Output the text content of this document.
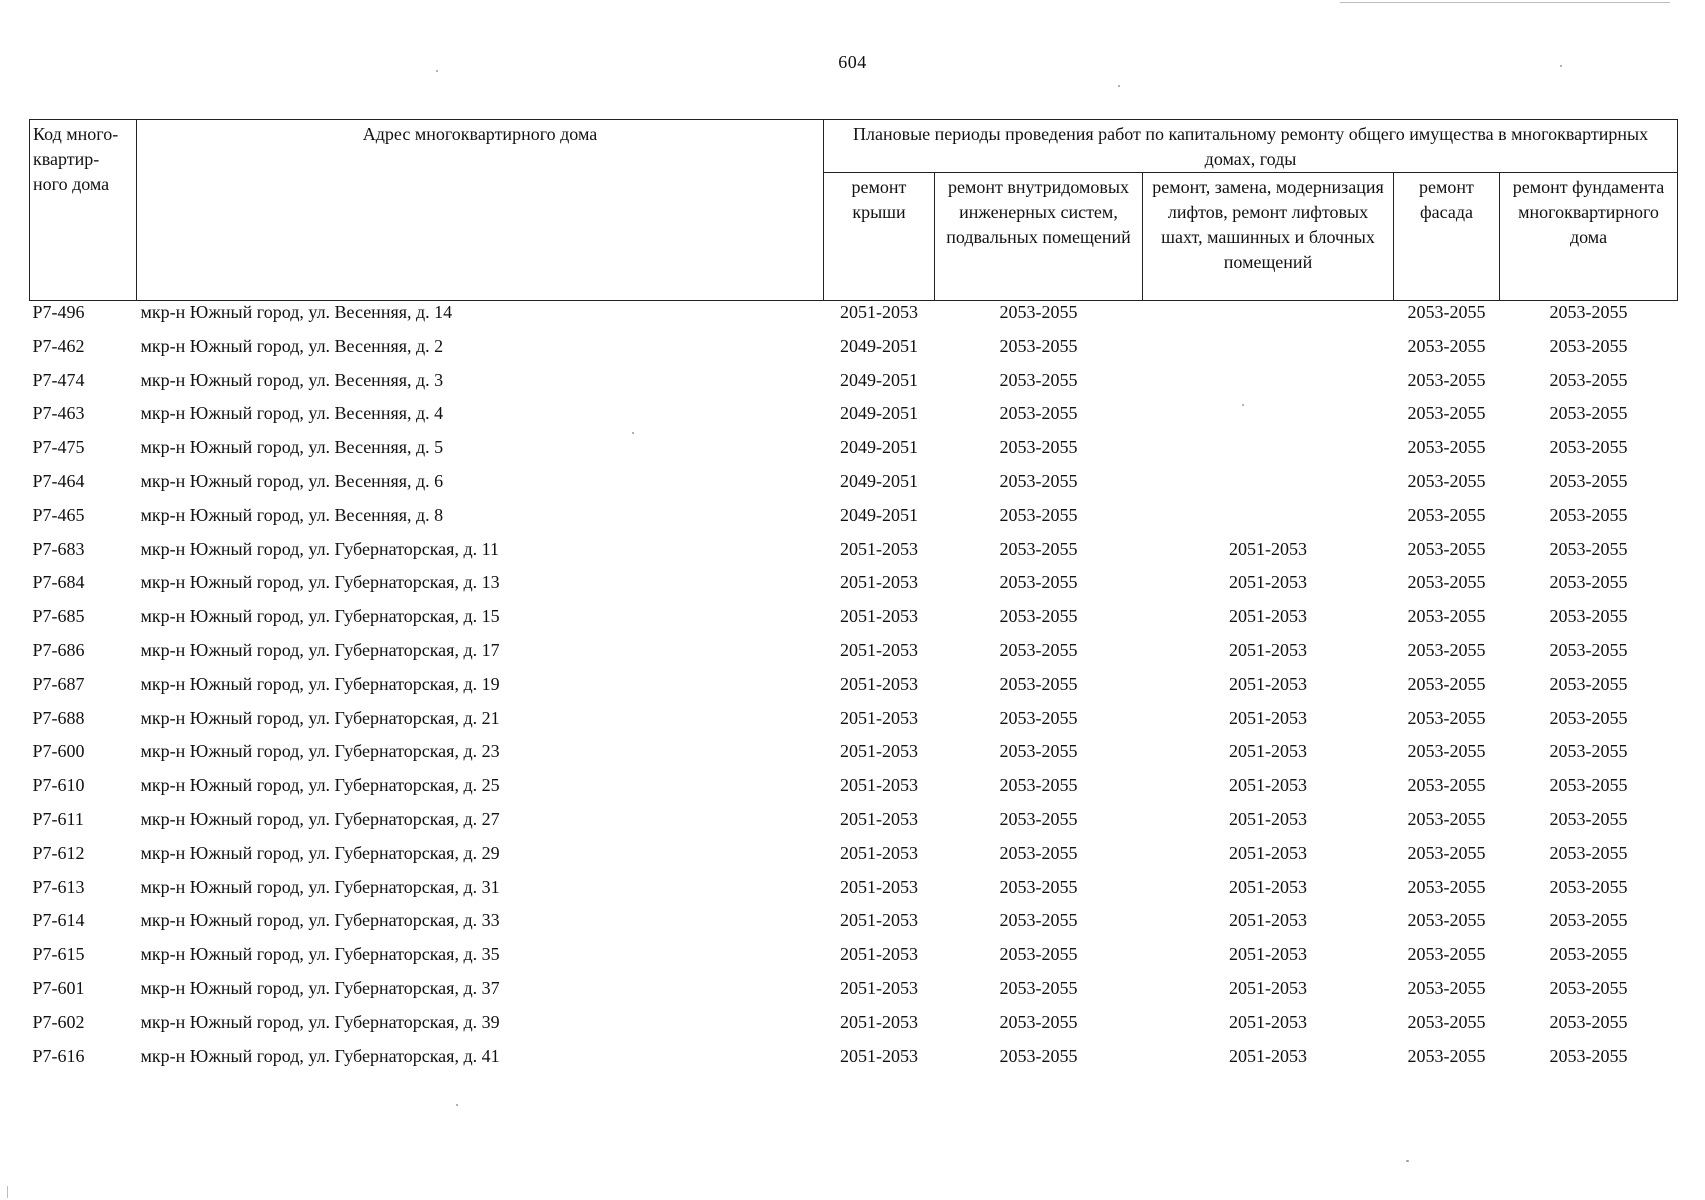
604
Код много-квартир-ного дома	Адрес многоквартирного дома	Плановые периоды проведения работ по капитальному ремонту общего имущества в многоквартирных домах, годы				
		ремонт крыши	ремонт внутридомовых инженерных систем, подвальных помещений	ремонт, замена, модернизация лифтов, ремонт лифтовых шахт, машинных и блочных помещений	ремонт фасада	ремонт фундамента многоквартирного дома
Р7-496	мкр-н Южный город, ул. Весенняя, д. 14	2051-2053	2053-2055		2053-2055	2053-2055
Р7-462	мкр-н Южный город, ул. Весенняя, д. 2	2049-2051	2053-2055		2053-2055	2053-2055
Р7-474	мкр-н Южный город, ул. Весенняя, д. 3	2049-2051	2053-2055		2053-2055	2053-2055
Р7-463	мкр-н Южный город, ул. Весенняя, д. 4	2049-2051	2053-2055		2053-2055	2053-2055
Р7-475	мкр-н Южный город, ул. Весенняя, д. 5	2049-2051	2053-2055		2053-2055	2053-2055
Р7-464	мкр-н Южный город, ул. Весенняя, д. 6	2049-2051	2053-2055		2053-2055	2053-2055
Р7-465	мкр-н Южный город, ул. Весенняя, д. 8	2049-2051	2053-2055		2053-2055	2053-2055
Р7-683	мкр-н Южный город, ул. Губернаторская, д. 11	2051-2053	2053-2055	2051-2053	2053-2055	2053-2055
Р7-684	мкр-н Южный город, ул. Губернаторская, д. 13	2051-2053	2053-2055	2051-2053	2053-2055	2053-2055
Р7-685	мкр-н Южный город, ул. Губернаторская, д. 15	2051-2053	2053-2055	2051-2053	2053-2055	2053-2055
Р7-686	мкр-н Южный город, ул. Губернаторская, д. 17	2051-2053	2053-2055	2051-2053	2053-2055	2053-2055
Р7-687	мкр-н Южный город, ул. Губернаторская, д. 19	2051-2053	2053-2055	2051-2053	2053-2055	2053-2055
Р7-688	мкр-н Южный город, ул. Губернаторская, д. 21	2051-2053	2053-2055	2051-2053	2053-2055	2053-2055
Р7-600	мкр-н Южный город, ул. Губернаторская, д. 23	2051-2053	2053-2055	2051-2053	2053-2055	2053-2055
Р7-610	мкр-н Южный город, ул. Губернаторская, д. 25	2051-2053	2053-2055	2051-2053	2053-2055	2053-2055
Р7-611	мкр-н Южный город, ул. Губернаторская, д. 27	2051-2053	2053-2055	2051-2053	2053-2055	2053-2055
Р7-612	мкр-н Южный город, ул. Губернаторская, д. 29	2051-2053	2053-2055	2051-2053	2053-2055	2053-2055
Р7-613	мкр-н Южный город, ул. Губернаторская, д. 31	2051-2053	2053-2055	2051-2053	2053-2055	2053-2055
Р7-614	мкр-н Южный город, ул. Губернаторская, д. 33	2051-2053	2053-2055	2051-2053	2053-2055	2053-2055
Р7-615	мкр-н Южный город, ул. Губернаторская, д. 35	2051-2053	2053-2055	2051-2053	2053-2055	2053-2055
Р7-601	мкр-н Южный город, ул. Губернаторская, д. 37	2051-2053	2053-2055	2051-2053	2053-2055	2053-2055
Р7-602	мкр-н Южный город, ул. Губернаторская, д. 39	2051-2053	2053-2055	2051-2053	2053-2055	2053-2055
Р7-616	мкр-н Южный город, ул. Губернаторская, д. 41	2051-2053	2053-2055	2051-2053	2053-2055	2053-2055
